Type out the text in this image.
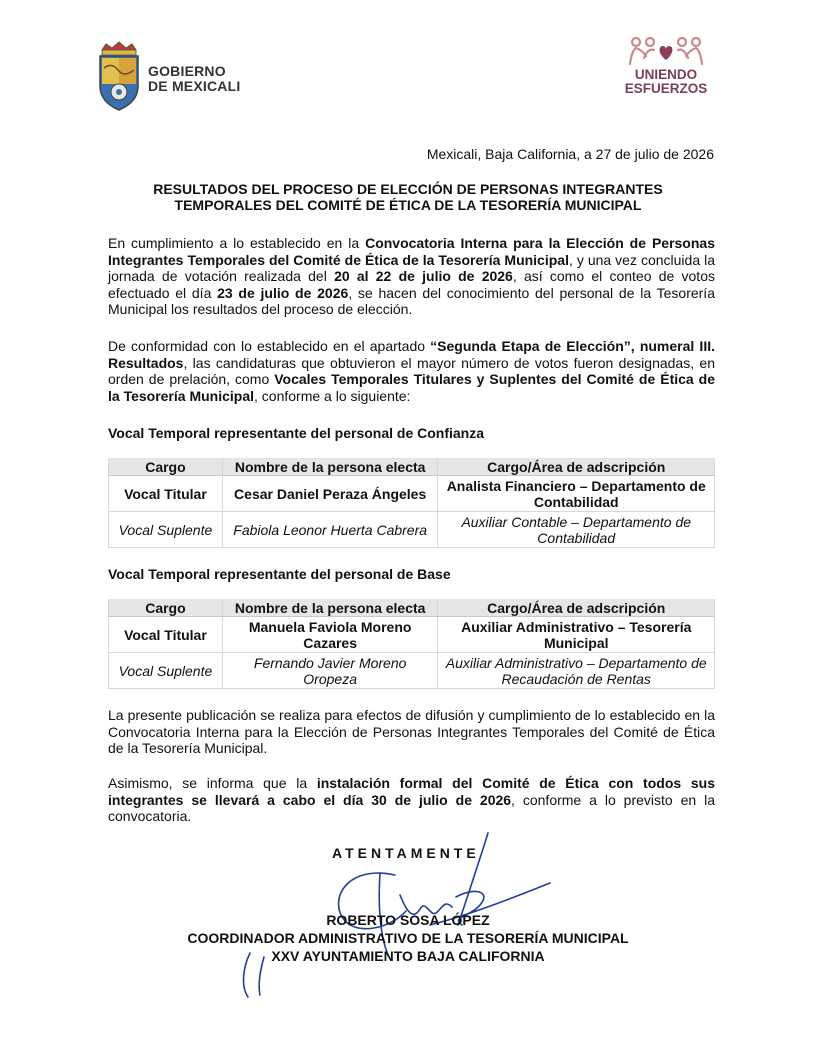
GOBIERNO
DE MEXICALI
UNIENDO
ESFUERZOS
Mexicali, Baja California, a 27 de julio de 2026
RESULTADOS DEL PROCESO DE ELECCIÓN DE PERSONAS INTEGRANTES
TEMPORALES DEL COMITÉ DE ÉTICA DE LA TESORERÍA MUNICIPAL
En cumplimiento a lo establecido en la Convocatoria Interna para la Elección de Personas Integrantes Temporales del Comité de Ética de la Tesorería Municipal, y una vez concluida la jornada de votación realizada del 20 al 22 de julio de 2026, así como el conteo de votos efectuado el día 23 de julio de 2026, se hacen del conocimiento del personal de la Tesorería Municipal los resultados del proceso de elección.
De conformidad con lo establecido en el apartado “Segunda Etapa de Elección”, numeral III. Resultados, las candidaturas que obtuvieron el mayor número de votos fueron designadas, en orden de prelación, como Vocales Temporales Titulares y Suplentes del Comité de Ética de la Tesorería Municipal, conforme a lo siguiente:
Vocal Temporal representante del personal de Confianza
Cargo	Nombre de la persona electa	Cargo/Área de adscripción
Vocal Titular	Cesar Daniel Peraza Ángeles	Analista Financiero – Departamento de Contabilidad
Vocal Suplente	Fabiola Leonor Huerta Cabrera	Auxiliar Contable – Departamento de Contabilidad
Vocal Temporal representante del personal de Base
Cargo	Nombre de la persona electa	Cargo/Área de adscripción
Vocal Titular	Manuela Faviola Moreno Cazares	Auxiliar Administrativo – Tesorería Municipal
Vocal Suplente	Fernando Javier Moreno Oropeza	Auxiliar Administrativo – Departamento de Recaudación de Rentas
La presente publicación se realiza para efectos de difusión y cumplimiento de lo establecido en la Convocatoria Interna para la Elección de Personas Integrantes Temporales del Comité de Ética de la Tesorería Municipal.
Asimismo, se informa que la instalación formal del Comité de Ética con todos sus integrantes se llevará a cabo el día 30 de julio de 2026, conforme a lo previsto en la convocatoria.
ATENTAMENTE
ROBERTO SOSA LÓPEZ
COORDINADOR ADMINISTRATIVO DE LA TESORERÍA MUNICIPAL
XXV AYUNTAMIENTO BAJA CALIFORNIA
